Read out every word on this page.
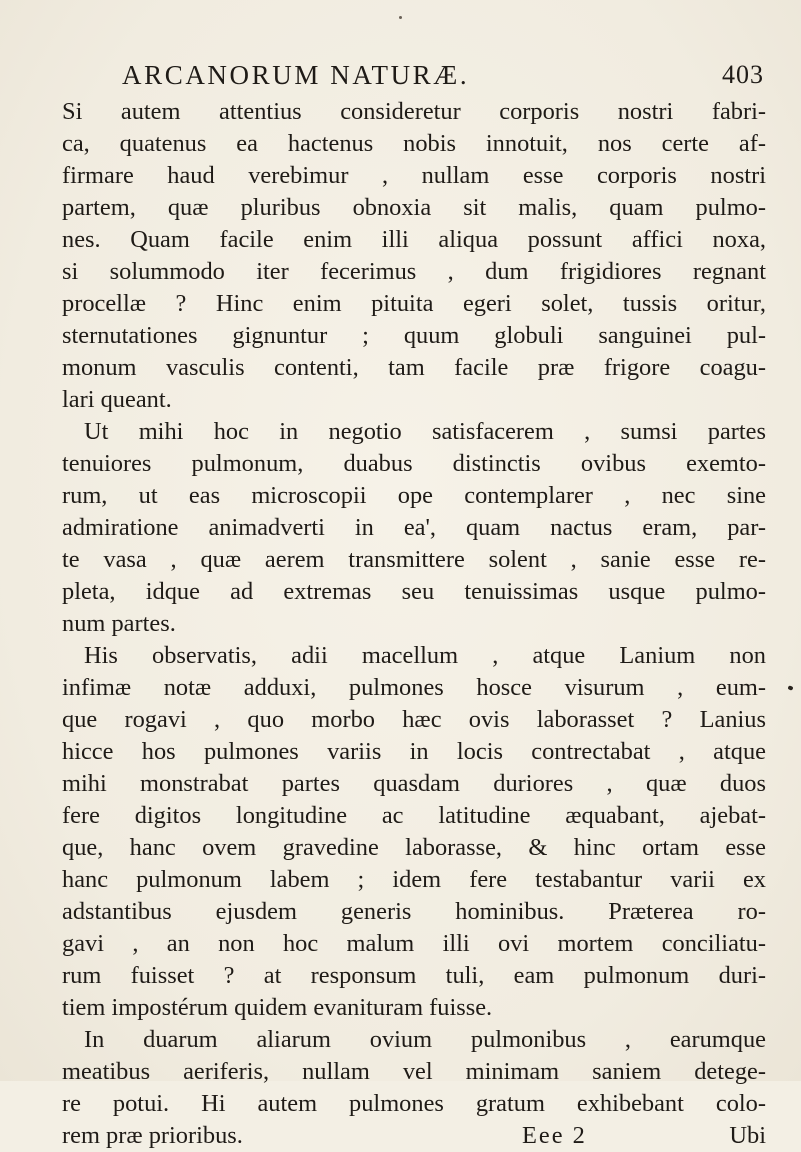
ARCANORUM NATURÆ.	403
Si autem attentius consideretur corporis nostri fabri-
ca, quatenus ea hactenus nobis innotuit, nos certe af-
firmare haud verebimur , nullam esse corporis nostri
partem, quæ pluribus obnoxia sit malis, quam pulmo-
nes. Quam facile enim illi aliqua possunt affici noxa,
si solummodo iter fecerimus , dum frigidiores regnant
procellæ ? Hinc enim pituita egeri solet, tussis oritur,
sternutationes gignuntur ; quum globuli sanguinei pul-
monum vasculis contenti, tam facile præ frigore coagu-
lari queant.
Ut mihi hoc in negotio satisfacerem , sumsi partes
tenuiores pulmonum, duabus distinctis ovibus exemto-
rum, ut eas microscopii ope contemplarer , nec sine
admiratione animadverti in ea', quam nactus eram, par-
te vasa , quæ aerem transmittere solent , sanie esse re-
pleta, idque ad extremas seu tenuissimas usque pulmo-
num partes.
His observatis, adii macellum , atque Lanium non
infimæ notæ adduxi, pulmones hosce visurum , eum-
que rogavi , quo morbo hæc ovis laborasset ? Lanius
hicce hos pulmones variis in locis contrectabat , atque
mihi monstrabat partes quasdam duriores , quæ duos
fere digitos longitudine ac latitudine æquabant, ajebat-
que, hanc ovem gravedine laborasse, & hinc ortam esse
hanc pulmonum labem ; idem fere testabantur varii ex
adstantibus ejusdem generis hominibus. Præterea ro-
gavi , an non hoc malum illi ovi mortem conciliatu-
rum fuisset ? at responsum tuli, eam pulmonum duri-
tiem impostérum quidem evanituram fuisse.
In duarum aliarum ovium pulmonibus , earumque
meatibus aeriferis, nullam vel minimam saniem detege-
re potui. Hi autem pulmones gratum exhibebant colo-
rem præ prioribus.	Eee 2	Ubi
